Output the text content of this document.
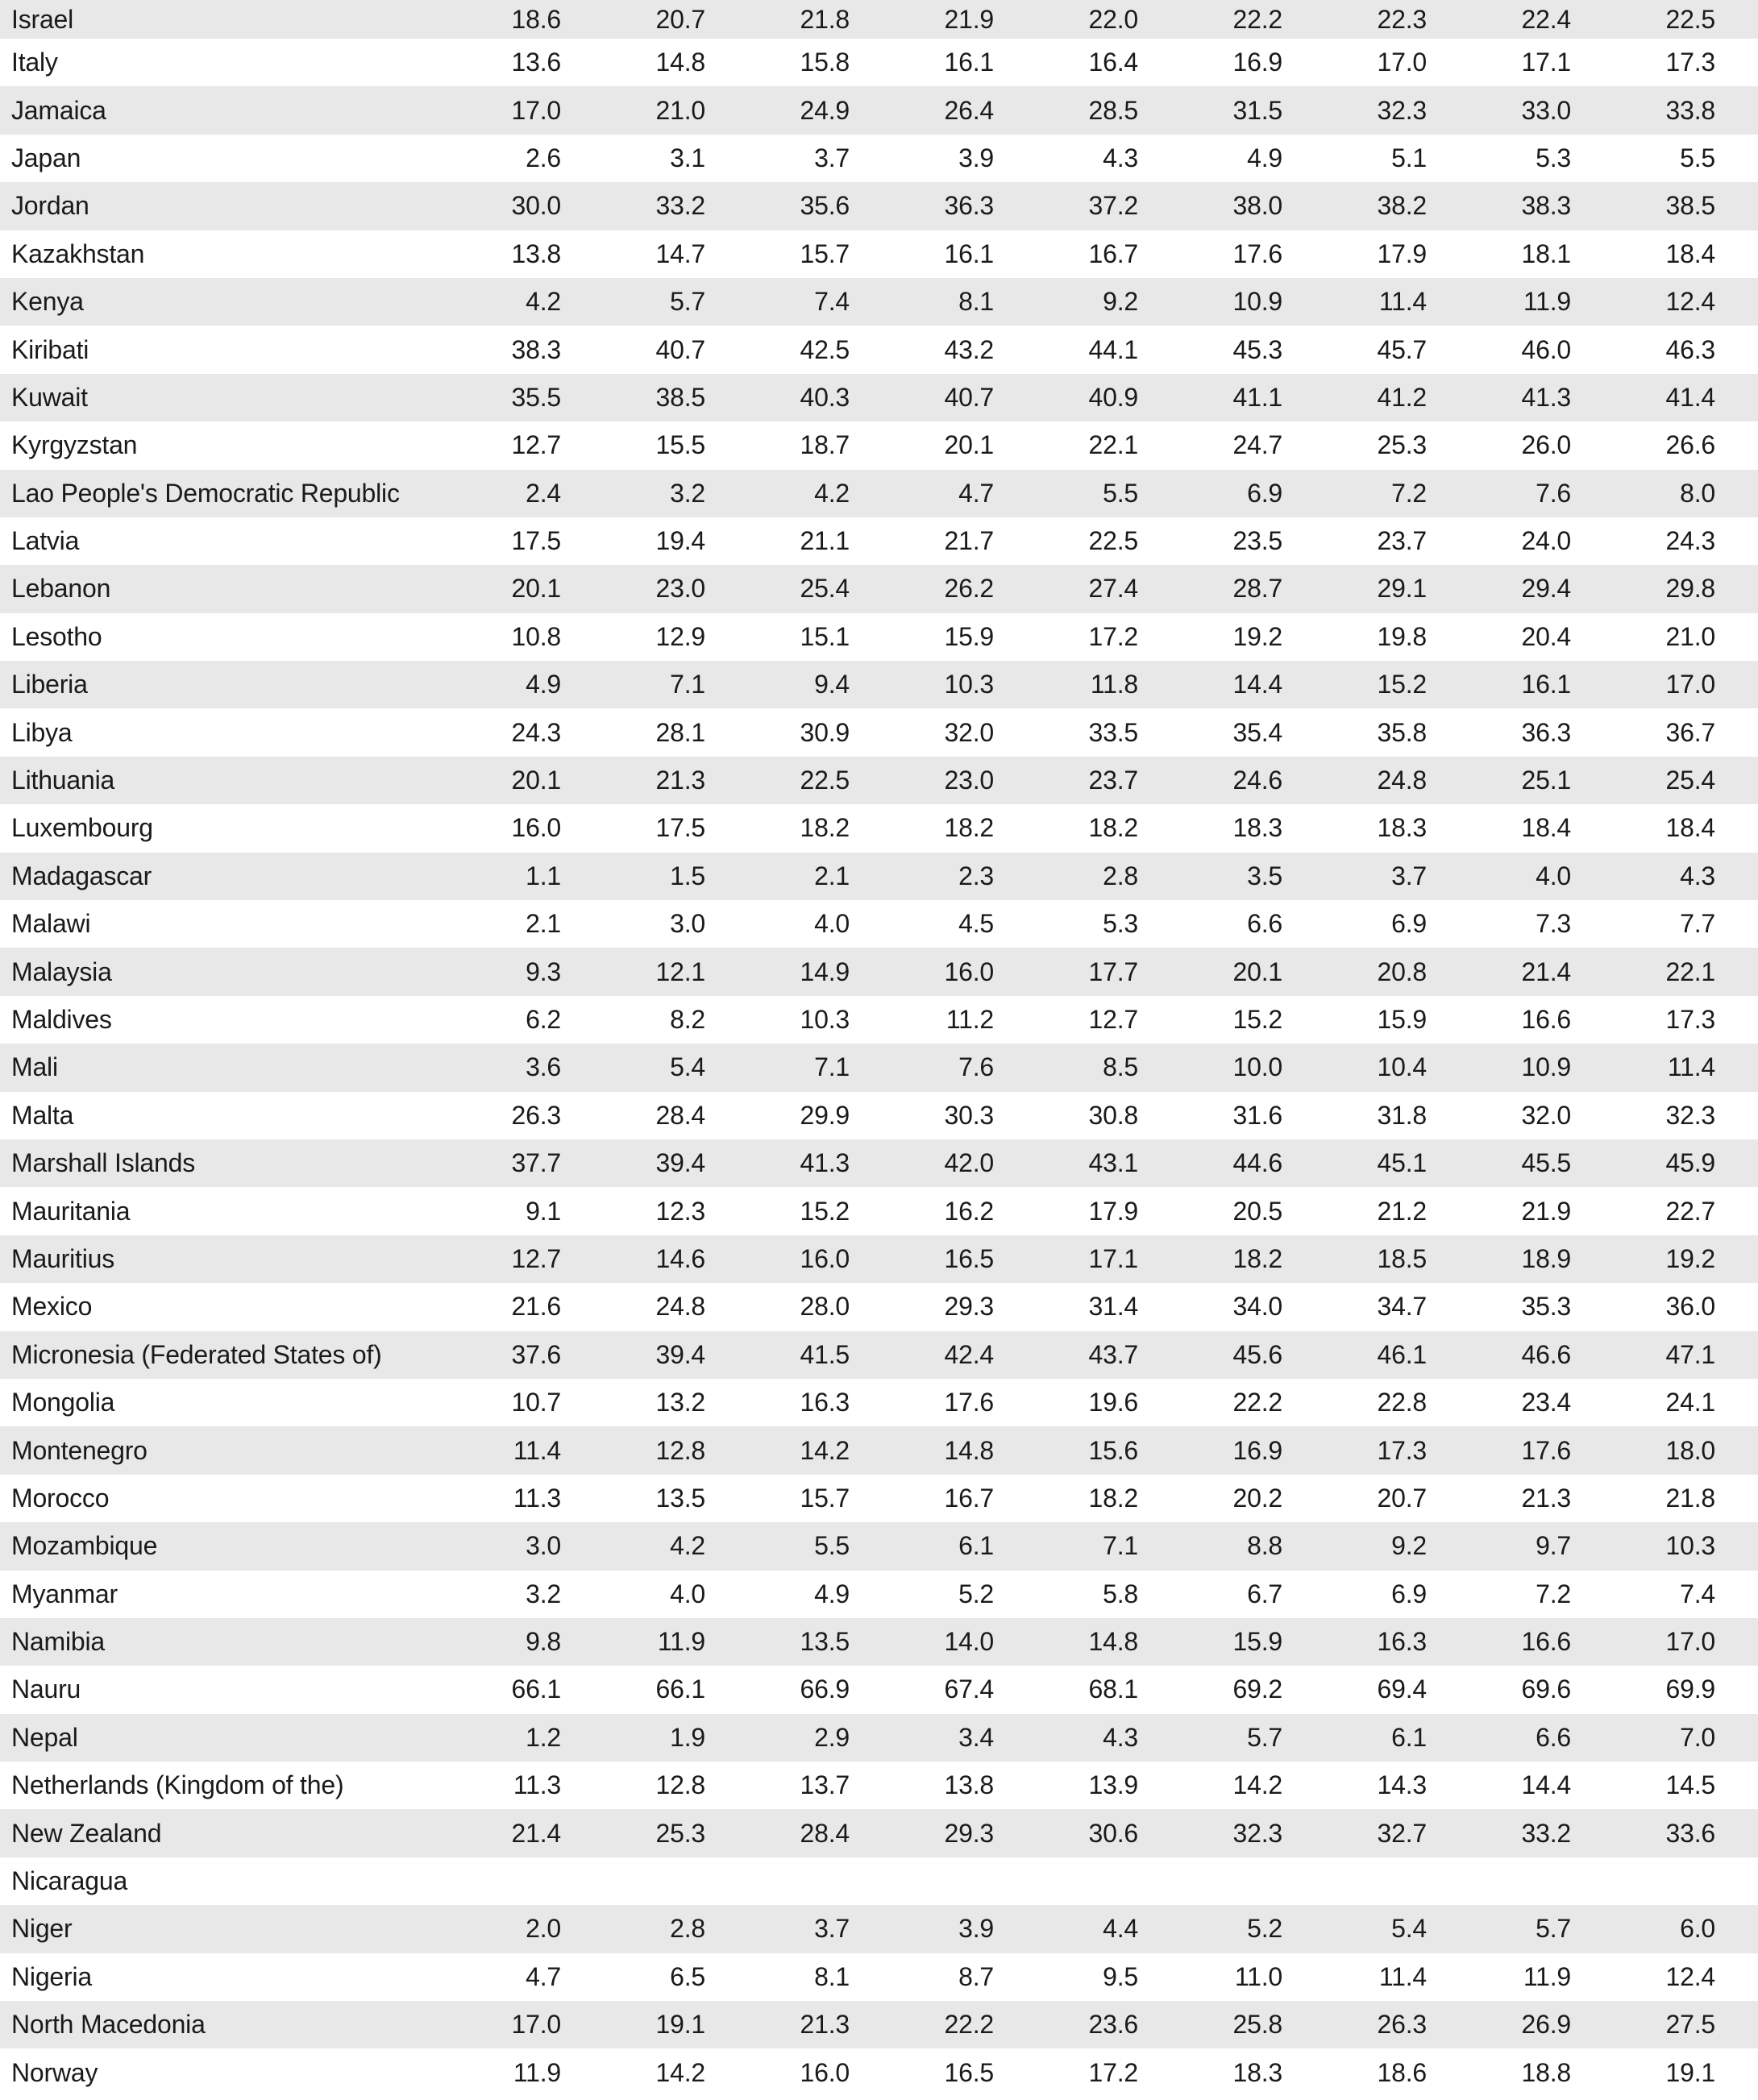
Israel	18.6	20.7	21.8	21.9	22.0	22.2	22.3	22.4	22.5
Italy	13.6	14.8	15.8	16.1	16.4	16.9	17.0	17.1	17.3
Jamaica	17.0	21.0	24.9	26.4	28.5	31.5	32.3	33.0	33.8
Japan	2.6	3.1	3.7	3.9	4.3	4.9	5.1	5.3	5.5
Jordan	30.0	33.2	35.6	36.3	37.2	38.0	38.2	38.3	38.5
Kazakhstan	13.8	14.7	15.7	16.1	16.7	17.6	17.9	18.1	18.4
Kenya	4.2	5.7	7.4	8.1	9.2	10.9	11.4	11.9	12.4
Kiribati	38.3	40.7	42.5	43.2	44.1	45.3	45.7	46.0	46.3
Kuwait	35.5	38.5	40.3	40.7	40.9	41.1	41.2	41.3	41.4
Kyrgyzstan	12.7	15.5	18.7	20.1	22.1	24.7	25.3	26.0	26.6
Lao People's Democratic Republic	2.4	3.2	4.2	4.7	5.5	6.9	7.2	7.6	8.0
Latvia	17.5	19.4	21.1	21.7	22.5	23.5	23.7	24.0	24.3
Lebanon	20.1	23.0	25.4	26.2	27.4	28.7	29.1	29.4	29.8
Lesotho	10.8	12.9	15.1	15.9	17.2	19.2	19.8	20.4	21.0
Liberia	4.9	7.1	9.4	10.3	11.8	14.4	15.2	16.1	17.0
Libya	24.3	28.1	30.9	32.0	33.5	35.4	35.8	36.3	36.7
Lithuania	20.1	21.3	22.5	23.0	23.7	24.6	24.8	25.1	25.4
Luxembourg	16.0	17.5	18.2	18.2	18.2	18.3	18.3	18.4	18.4
Madagascar	1.1	1.5	2.1	2.3	2.8	3.5	3.7	4.0	4.3
Malawi	2.1	3.0	4.0	4.5	5.3	6.6	6.9	7.3	7.7
Malaysia	9.3	12.1	14.9	16.0	17.7	20.1	20.8	21.4	22.1
Maldives	6.2	8.2	10.3	11.2	12.7	15.2	15.9	16.6	17.3
Mali	3.6	5.4	7.1	7.6	8.5	10.0	10.4	10.9	11.4
Malta	26.3	28.4	29.9	30.3	30.8	31.6	31.8	32.0	32.3
Marshall Islands	37.7	39.4	41.3	42.0	43.1	44.6	45.1	45.5	45.9
Mauritania	9.1	12.3	15.2	16.2	17.9	20.5	21.2	21.9	22.7
Mauritius	12.7	14.6	16.0	16.5	17.1	18.2	18.5	18.9	19.2
Mexico	21.6	24.8	28.0	29.3	31.4	34.0	34.7	35.3	36.0
Micronesia (Federated States of)	37.6	39.4	41.5	42.4	43.7	45.6	46.1	46.6	47.1
Mongolia	10.7	13.2	16.3	17.6	19.6	22.2	22.8	23.4	24.1
Montenegro	11.4	12.8	14.2	14.8	15.6	16.9	17.3	17.6	18.0
Morocco	11.3	13.5	15.7	16.7	18.2	20.2	20.7	21.3	21.8
Mozambique	3.0	4.2	5.5	6.1	7.1	8.8	9.2	9.7	10.3
Myanmar	3.2	4.0	4.9	5.2	5.8	6.7	6.9	7.2	7.4
Namibia	9.8	11.9	13.5	14.0	14.8	15.9	16.3	16.6	17.0
Nauru	66.1	66.1	66.9	67.4	68.1	69.2	69.4	69.6	69.9
Nepal	1.2	1.9	2.9	3.4	4.3	5.7	6.1	6.6	7.0
Netherlands (Kingdom of the)	11.3	12.8	13.7	13.8	13.9	14.2	14.3	14.4	14.5
New Zealand	21.4	25.3	28.4	29.3	30.6	32.3	32.7	33.2	33.6
Nicaragua
Niger	2.0	2.8	3.7	3.9	4.4	5.2	5.4	5.7	6.0
Nigeria	4.7	6.5	8.1	8.7	9.5	11.0	11.4	11.9	12.4
North Macedonia	17.0	19.1	21.3	22.2	23.6	25.8	26.3	26.9	27.5
Norway	11.9	14.2	16.0	16.5	17.2	18.3	18.6	18.8	19.1
